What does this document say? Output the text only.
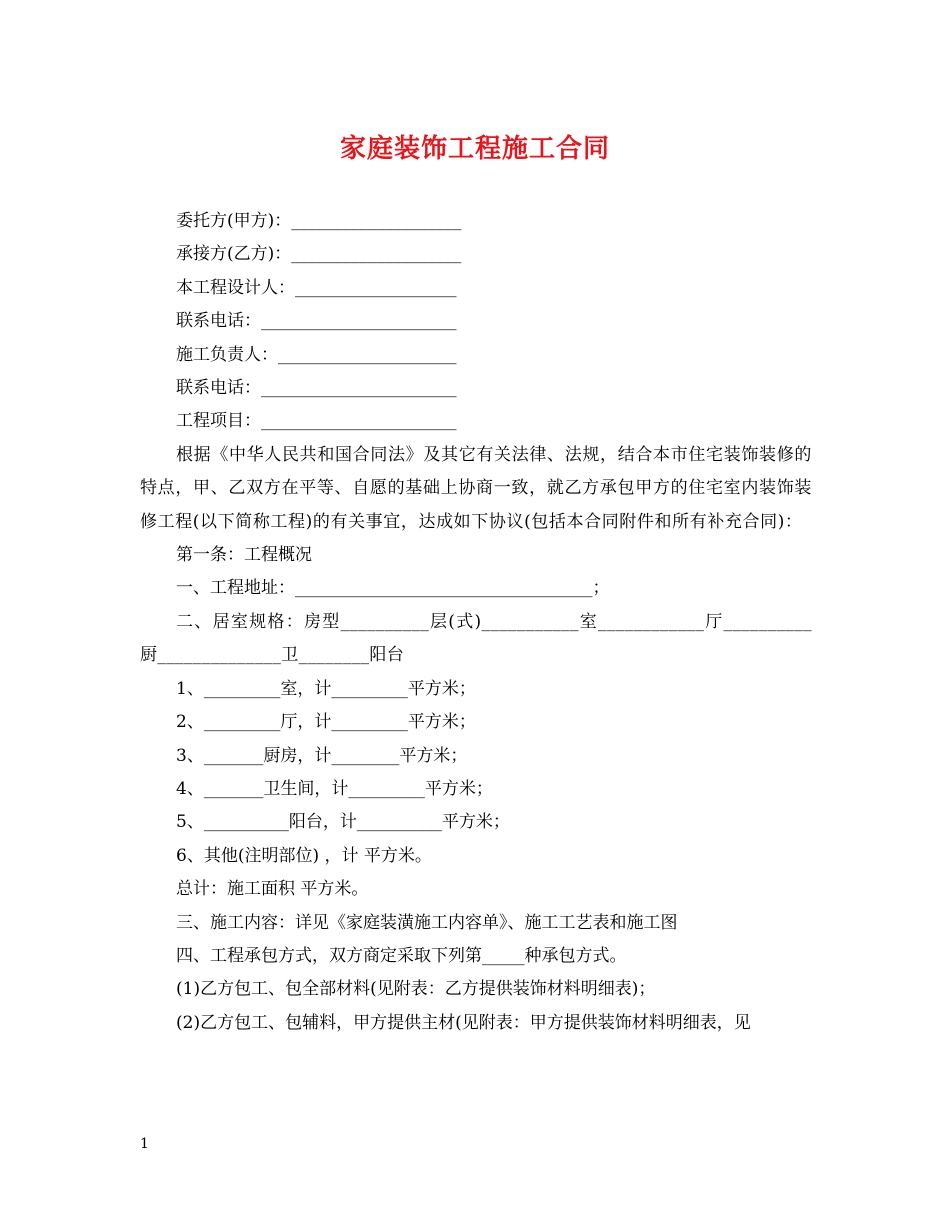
家庭装饰工程施工合同
委托方(甲方)：____________________
承接方(乙方)：____________________
本工程设计人：___________________
联系电话：_______________________
施工负责人：_____________________
联系电话：_______________________
工程项目：_______________________
根据《中华人民共和国合同法》及其它有关法律、法规，结合本市住宅装饰装修的特点，甲、乙双方在平等、自愿的基础上协商一致，就乙方承包甲方的住宅室内装饰装修工程(以下简称工程)的有关事宜，达成如下协议(包括本合同附件和所有补充合同)：
第一条：工程概况
一、工程地址：___________________________________；
二、居室规格：房型__________层(式)___________室____________厅__________厨______________卫________阳台
1、_________室，计_________平方米；
2、_________厅，计_________平方米；
3、_______厨房，计________平方米；
4、_______卫生间，计_________平方米；
5、__________阳台，计__________平方米；
6、其他(注明部位) ，计 平方米。
总计：施工面积 平方米。
三、施工内容：详见《家庭装潢施工内容单》、施工工艺表和施工图
四、工程承包方式，双方商定采取下列第_____种承包方式。
(1)乙方包工、包全部材料(见附表：乙方提供装饰材料明细表)；
(2)乙方包工、包辅料，甲方提供主材(见附表：甲方提供装饰材料明细表，见
1
